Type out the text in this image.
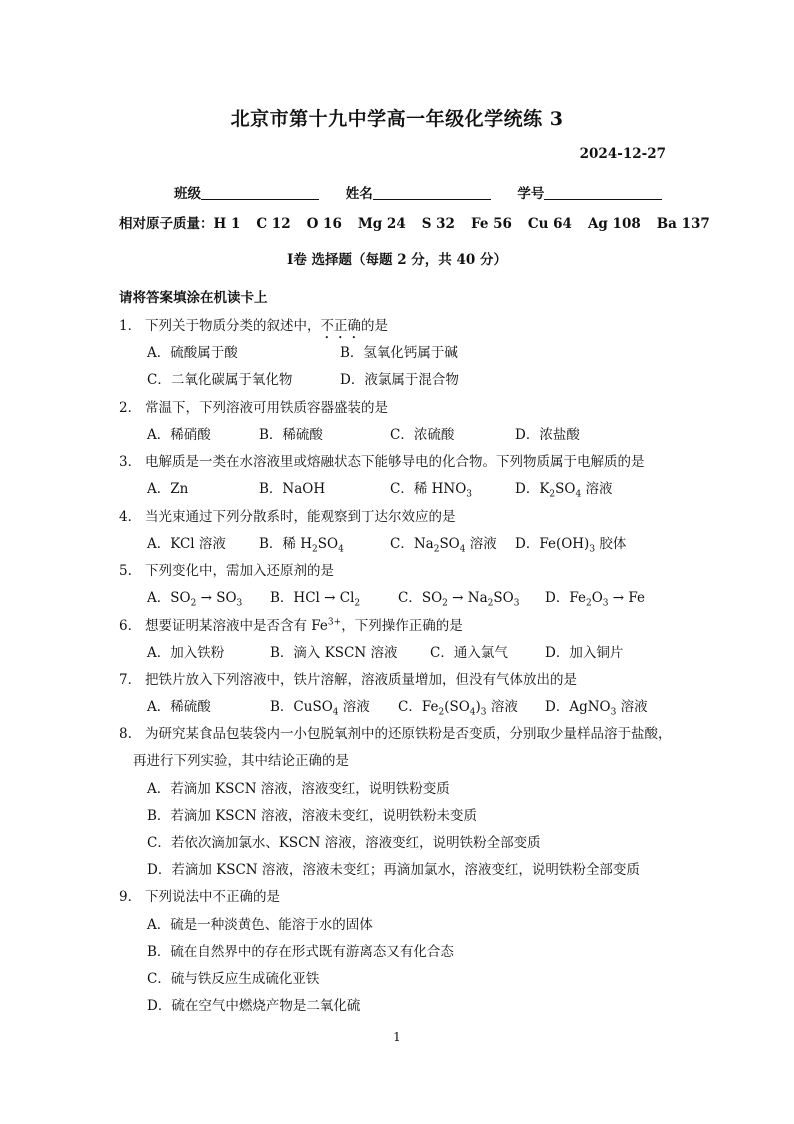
北京市第十九中学高一年级化学统练 3
2024-12-27
班级	姓名	学号
相对原子质量：H 1 C 12 O 16 Mg 24 S 32 Fe 56 Cu 64 Ag 108 Ba 137
I卷 选择题（每题 2 分，共 40 分）
请将答案填涂在机读卡上
1． 下列关于物质分类的叙述中，不正确的是
A．硫酸属于酸	B．氢氧化钙属于碱
C．二氧化碳属于氧化物	D．液氯属于混合物
2． 常温下，下列溶液可用铁质容器盛装的是
A．稀硝酸	B．稀硫酸	C．浓硫酸	D．浓盐酸
3． 电解质是一类在水溶液里或熔融状态下能够导电的化合物。下列物质属于电解质的是
A．Zn	B．NaOH	C．稀 $HNO_3$	D．$K_2SO_4$ 溶液
4． 当光束通过下列分散系时，能观察到丁达尔效应的是
A．KCl 溶液 B．稀 $H_2SO_4$	C．$Na_2SO_4$ 溶液 D．$Fe(OH)_3$ 胶体
5. 下列变化中，需加入还原剂的是
A．$SO_2 \to SO_3$ B．HCl → $Cl_2$	C．$SO_2 \to Na_2SO_3$ D．$Fe_2O_3 \to Fe$
6． 想要证明某溶液中是否含有 $Fe^{3+}$，下列操作正确的是
A．加入铁粉	B．滴入 KSCN 溶液 C．通入氯气	D．加入铜片
7． 把铁片放入下列溶液中，铁片溶解，溶液质量增加，但没有气体放出的是
A．稀硫酸	B．CuSO$_4$ 溶液 C．$Fe_2(SO_4)_3$ 溶液 D．AgNO$_3$ 溶液
8. 为研究某食品包装袋内一小包脱氧剂中的还原铁粉是否变质，分别取少量样品溶于盐酸，
再进行下列实验，其中结论正确的是
A．若滴加 KSCN 溶液，溶液变红，说明铁粉变质
B．若滴加 KSCN 溶液，溶液未变红，说明铁粉未变质
C．若依次滴加氯水、KSCN 溶液，溶液变红，说明铁粉全部变质
D．若滴加 KSCN 溶液，溶液未变红；再滴加氯水，溶液变红，说明铁粉全部变质
9． 下列说法中不正确的是
A．硫是一种淡黄色、能溶于水的固体
B．硫在自然界中的存在形式既有游离态又有化合态
C．硫与铁反应生成硫化亚铁
D．硫在空气中燃烧产物是二氧化硫
1
